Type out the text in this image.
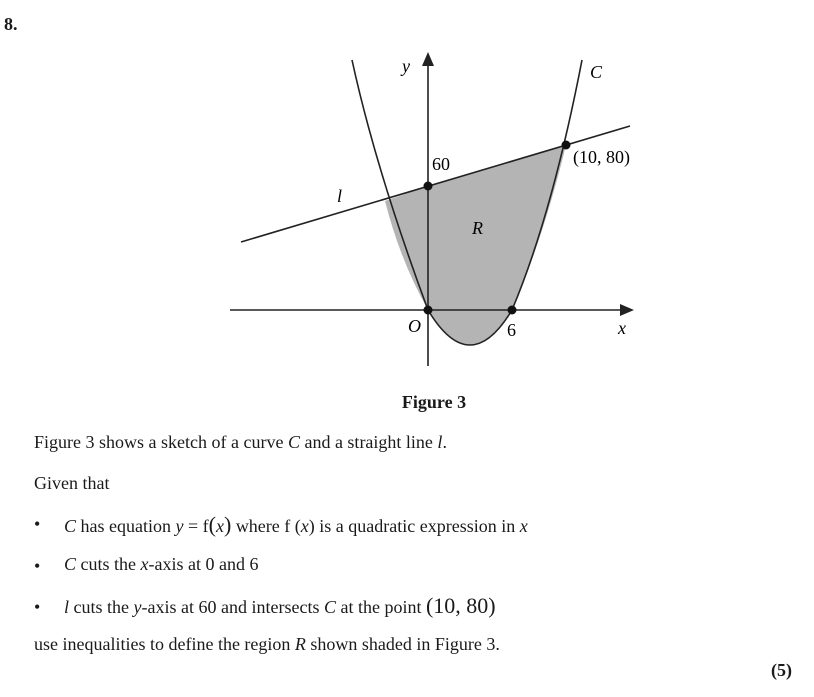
8.
y
x
O
C
l
R
60
6
(10, 80)
Figure 3
Figure 3 shows a sketch of a curve C and a straight line l.
Given that
• C has equation y = f(x) where f (x) is a quadratic expression in x
• C cuts the x-axis at 0 and 6
• l cuts the y-axis at 60 and intersects C at the point (10, 80)
use inequalities to define the region R shown shaded in Figure 3.
(5)
